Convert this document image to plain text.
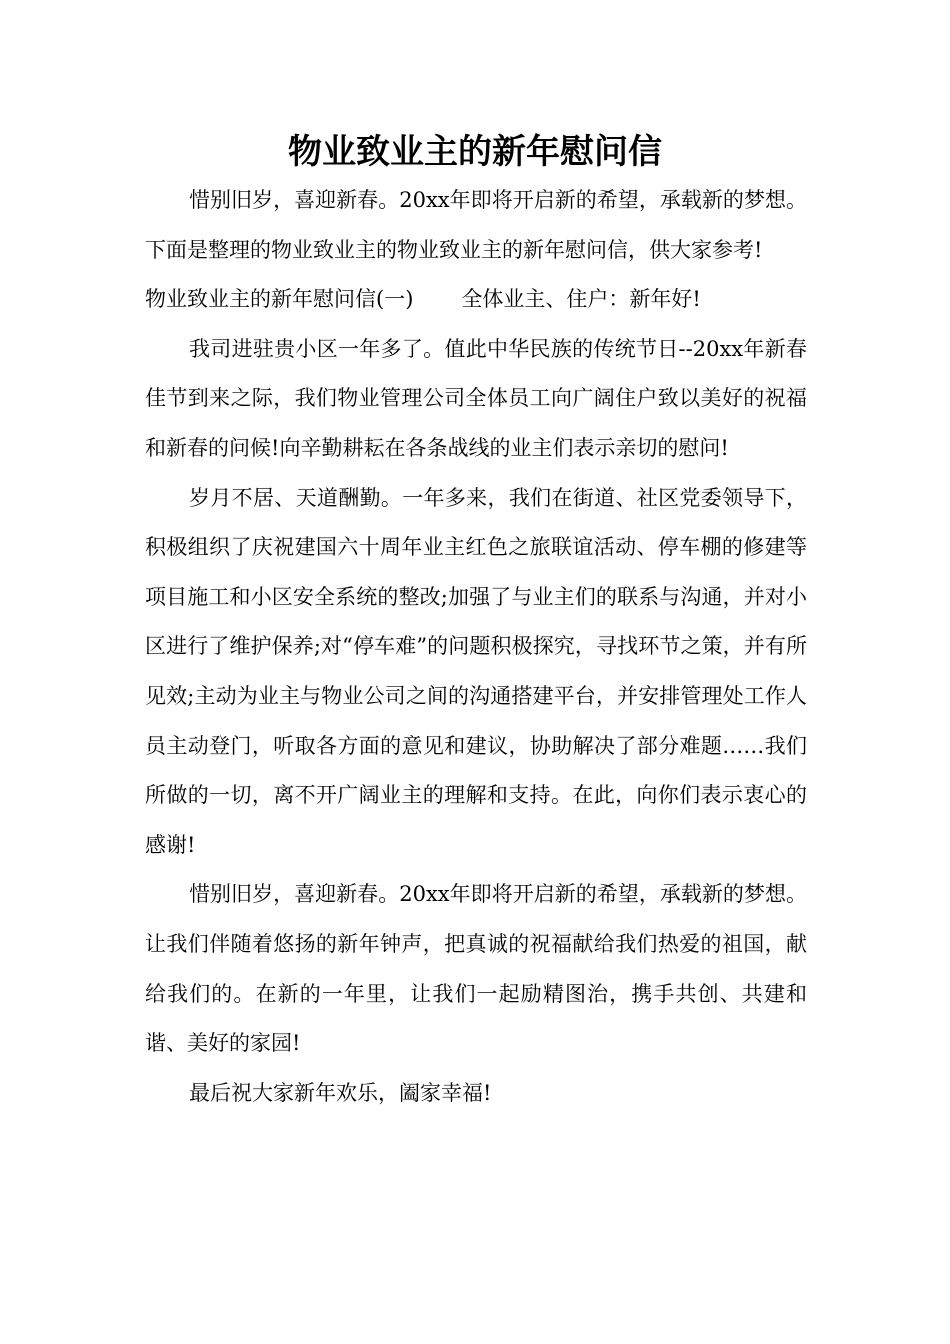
物业致业主的新年慰问信

惜别旧岁，喜迎新春。20xx年即将开启新的希望，承载新的梦想。下面是整理的物业致业主的物业致业主的新年慰问信，供大家参考!

物业致业主的新年慰问信(一) 全体业主、住户：新年好!

我司进驻贵小区一年多了。值此中华民族的传统节日--20xx年新春佳节到来之际，我们物业管理公司全体员工向广阔住户致以美好的祝福和新春的问候!向辛勤耕耘在各条战线的业主们表示亲切的慰问!

岁月不居、天道酬勤。一年多来，我们在街道、社区党委领导下，积极组织了庆祝建国六十周年业主红色之旅联谊活动、停车棚的修建等项目施工和小区安全系统的整改;加强了与业主们的联系与沟通，并对小区进行了维护保养;对“停车难”的问题积极探究，寻找环节之策，并有所见效;主动为业主与物业公司之间的沟通搭建平台，并安排管理处工作人员主动登门，听取各方面的意见和建议，协助解决了部分难题……我们所做的一切，离不开广阔业主的理解和支持。在此，向你们表示衷心的感谢!

惜别旧岁，喜迎新春。20xx年即将开启新的希望，承载新的梦想。让我们伴随着悠扬的新年钟声，把真诚的祝福献给我们热爱的祖国，献给我们的。在新的一年里，让我们一起励精图治，携手共创、共建和谐、美好的家园!

最后祝大家新年欢乐，阖家幸福!
